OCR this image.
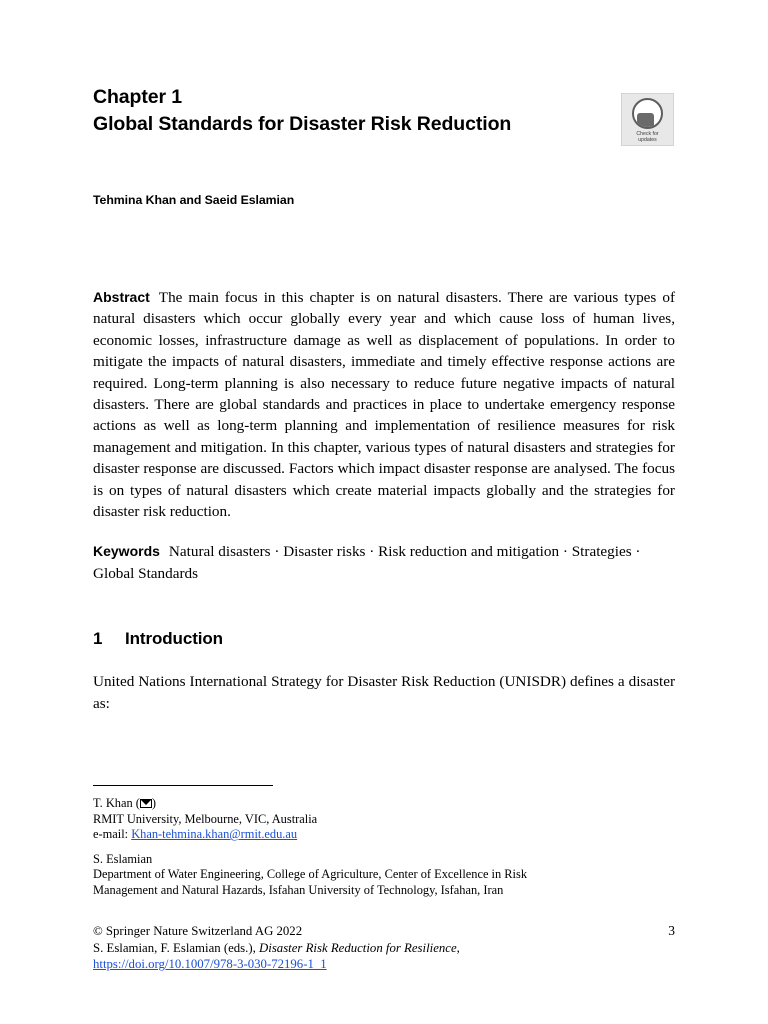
Chapter 1
Global Standards for Disaster Risk Reduction	Check for
updates
Tehmina Khan and Saeid Eslamian
Abstract The main focus in this chapter is on natural disasters. There are various types of natural disasters which occur globally every year and which cause loss of human lives, economic losses, infrastructure damage as well as displacement of populations. In order to mitigate the impacts of natural disasters, immediate and timely effective response actions are required. Long-term planning is also necessary to reduce future negative impacts of natural disasters. There are global standards and practices in place to undertake emergency response actions as well as long-term planning and implementation of resilience measures for risk management and mitigation. In this chapter, various types of natural disasters and strategies for disaster response are discussed. Factors which impact disaster response are analysed. The focus is on types of natural disasters which create material impacts globally and the strategies for disaster risk reduction.
Keywords Natural disasters · Disaster risks · Risk reduction and mitigation · Strategies · Global Standards
1	Introduction
United Nations International Strategy for Disaster Risk Reduction (UNISDR) defines a disaster as:
T. Khan ( )
RMIT University, Melbourne, VIC, Australia
e-mail: Khan-tehmina.khan@rmit.edu.au
S. Eslamian
Department of Water Engineering, College of Agriculture, Center of Excellence in Risk
Management and Natural Hazards, Isfahan University of Technology, Isfahan, Iran
© Springer Nature Switzerland AG 2022	3
S. Eslamian, F. Eslamian (eds.), Disaster Risk Reduction for Resilience,
https://doi.org/10.1007/978-3-030-72196-1_1
